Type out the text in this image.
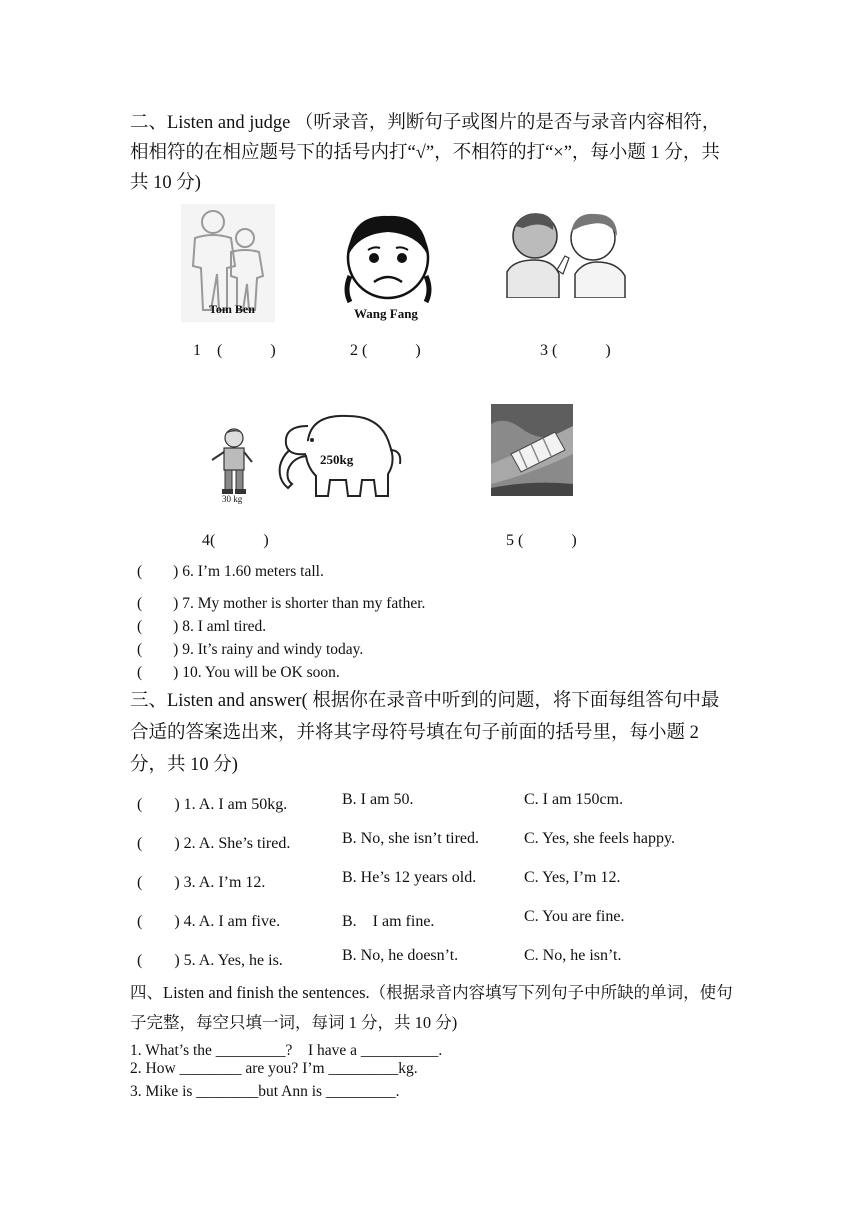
二、Listen and judge （听录音，判断句子或图片的是否与录音内容相符，相相符的在相应题号下的括号内打“√”，不相符的打“×”，每小题 1 分，共共 10 分)
Tom Ben	Wang Fang
1　(　　　)	2 (　　　)	3 (　　　)
30 kg
250kg
4(　　　)	5 (　　　)
(　　) 6. I’m 1.60 meters tall.
(　　) 7. My mother is shorter than my father.
(　　) 8. I aml tired.
(　　) 9. It’s rainy and windy today.
(　　) 10. You will be OK soon.
三、Listen and answer( 根据你在录音中听到的问题，将下面每组答句中最合适的答案选出来，并将其字母符号填在句子前面的括号里，每小题 2 分，共 10 分)
(　　) 1. A. I am 50kg.	B. I am 50.	C. I am 150cm.
(　　) 2. A. She’s tired.	B. No, she isn’t tired.	C. Yes, she feels happy.
(　　) 3. A. I’m 12.	B. He’s 12 years old.	C. Yes, I’m 12.
(　　) 4. A. I am five.	B.　I am fine.	C. You are fine.
(　　) 5. A. Yes, he is.	B. No, he doesn’t.	C. No, he isn’t.
四、Listen and finish the sentences.（根据录音内容填写下列句子中所缺的单词，使句子完整，每空只填一词，每词 1 分，共 10 分)
1. What’s the _________?　I have a __________.
2. How ________ are you? I’m _________kg.
3. Mike is ________but Ann is _________.
